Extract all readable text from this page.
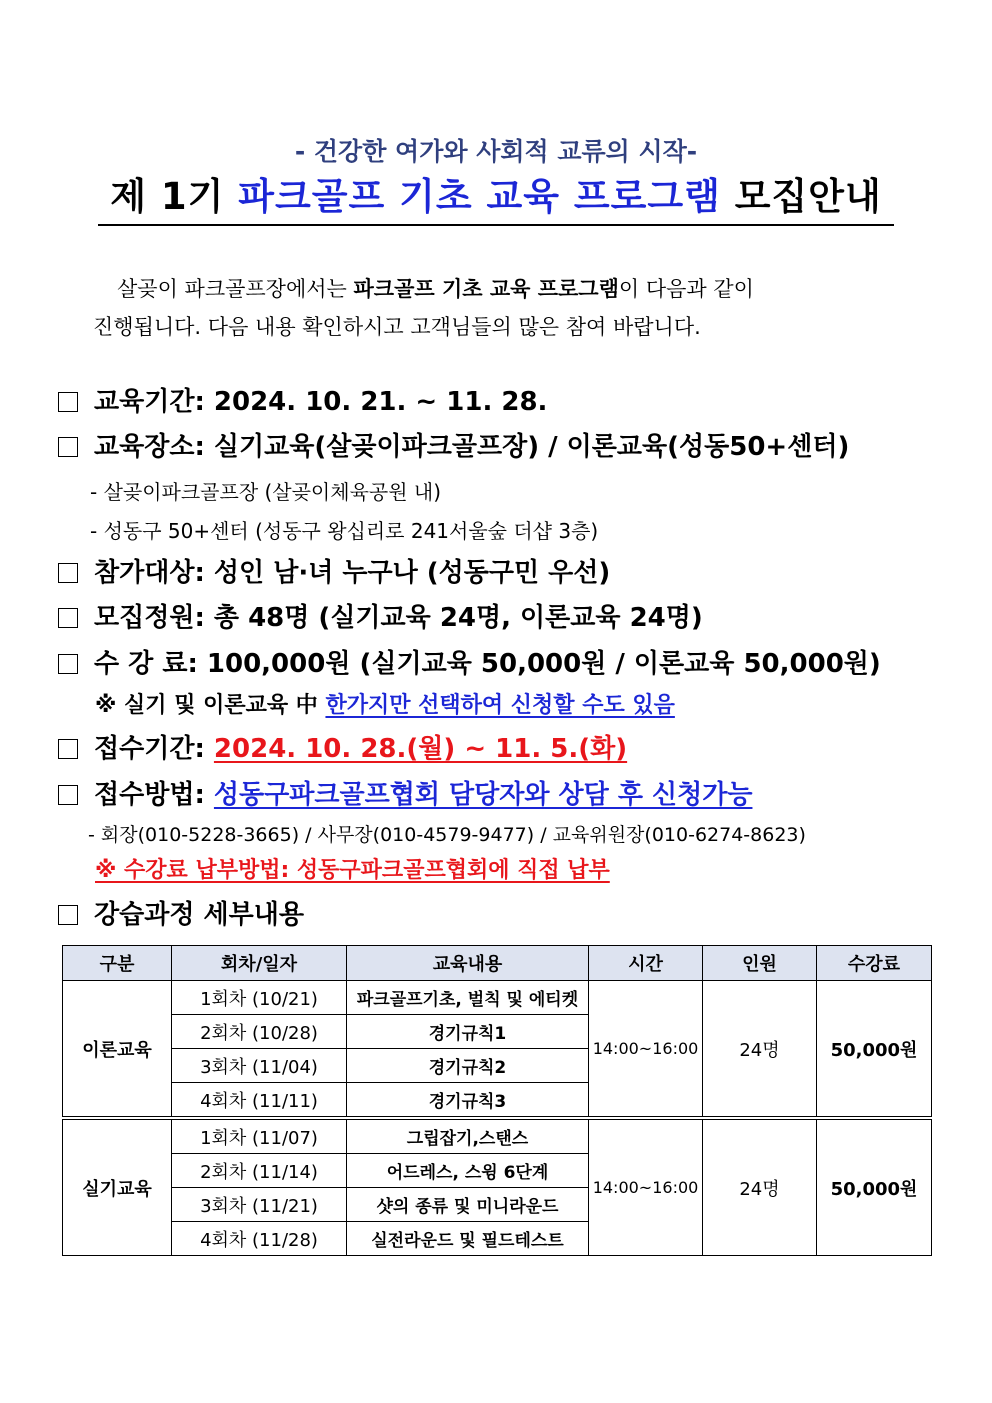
- 건강한 여가와 사회적 교류의 시작-
제 1기 파크골프 기초 교육 프로그램 모집안내
살곶이 파크골프장에서는 파크골프 기초 교육 프로그램이 다음과 같이
진행됩니다. 다음 내용 확인하시고 고객님들의 많은 참여 바랍니다.
교육기간: 2024. 10. 21. ~ 11. 28.
교육장소: 실기교육(살곶이파크골프장) / 이론교육(성동50+센터)
- 살곶이파크골프장 (살곶이체육공원 내)
- 성동구 50+센터 (성동구 왕십리로 241서울숲 더샵 3층)
참가대상: 성인 남·녀 누구나 (성동구민 우선)
모집정원: 총 48명 (실기교육 24명, 이론교육 24명)
수 강 료: 100,000원 (실기교육 50,000원 / 이론교육 50,000원)
※ 실기 및 이론교육 中 한가지만 선택하여 신청할 수도 있음
접수기간: 2024. 10. 28.(월) ~ 11. 5.(화)
접수방법: 성동구파크골프협회 담당자와 상담 후 신청가능
- 회장(010-5228-3665) / 사무장(010-4579-9477) / 교육위원장(010-6274-8623)
※ 수강료 납부방법: 성동구파크골프협회에 직접 납부
강습과정 세부내용
구분	회차/일자	교육내용	시간	인원	수강료
이론교육	1회차 (10/21)	파크골프기초, 벌칙 및 에티켓	14:00~16:00	24명	50,000원
	2회차 (10/28)	경기규칙1			
	3회차 (11/04)	경기규칙2			
	4회차 (11/11)	경기규칙3			
실기교육	1회차 (11/07)	그립잡기,스탠스	14:00~16:00	24명	50,000원
	2회차 (11/14)	어드레스, 스윙 6단계			
	3회차 (11/21)	샷의 종류 및 미니라운드			
	4회차 (11/28)	실전라운드 및 필드테스트			
